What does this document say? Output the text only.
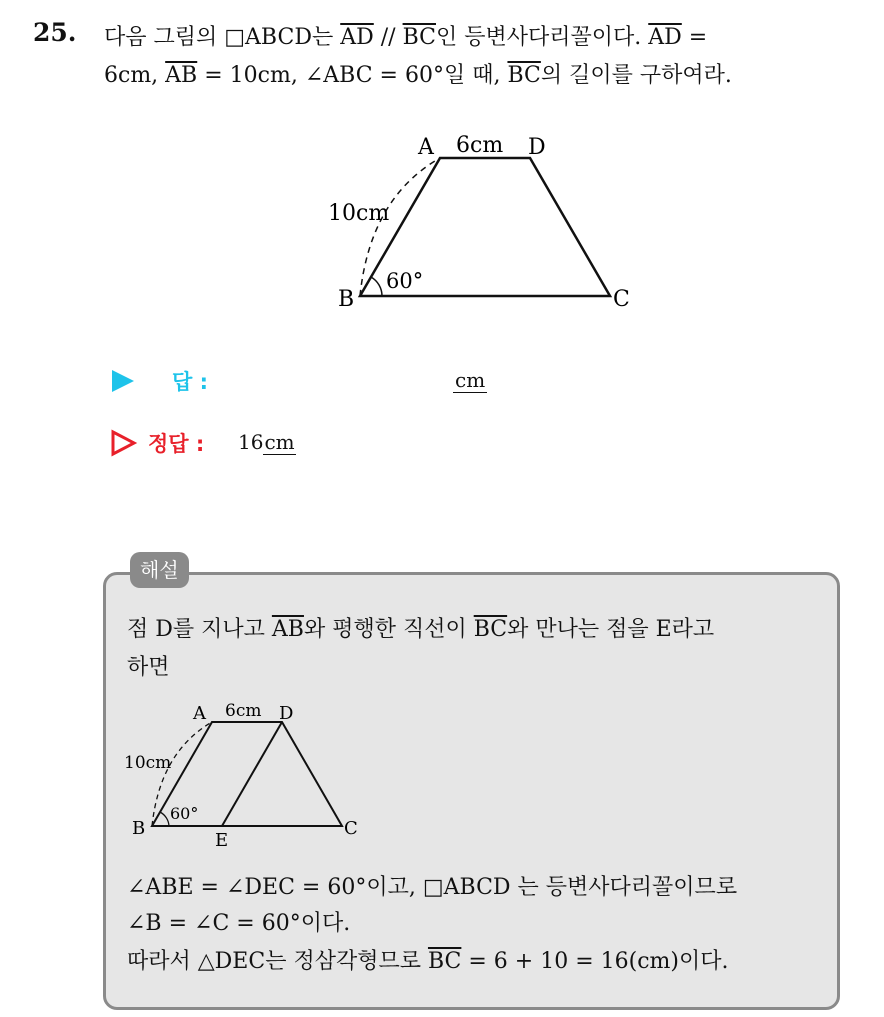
25. 다음 그림의 □ABCD는 $\overline{AD} // \overline{BC}$인 등변사다리꼴이다. $\overline{AD}$ =
6cm, $\overline{AB} = 10cm$, ∠ABC = 60°일 때, $\overline{BC}$의 길이를 구하여라.
A	D
B	C
6cm
10cm
60°
답 :	cm
정답 : 16cm
해설
점 D를 지나고 $\overline{AB}$와 평행한 직선이 $\overline{BC}$와 만나는 점을 E라고
하면
A	D
B	C
E
6cm
10cm
60°
∠ABE = ∠DEC = 60°이고, □ABCD 는 등변사다리꼴이므로
∠B = ∠C = 60°이다.
따라서 △DEC는 정삼각형므로 $\overline{BC} = 6 + 10 = 16(cm)$이다.
